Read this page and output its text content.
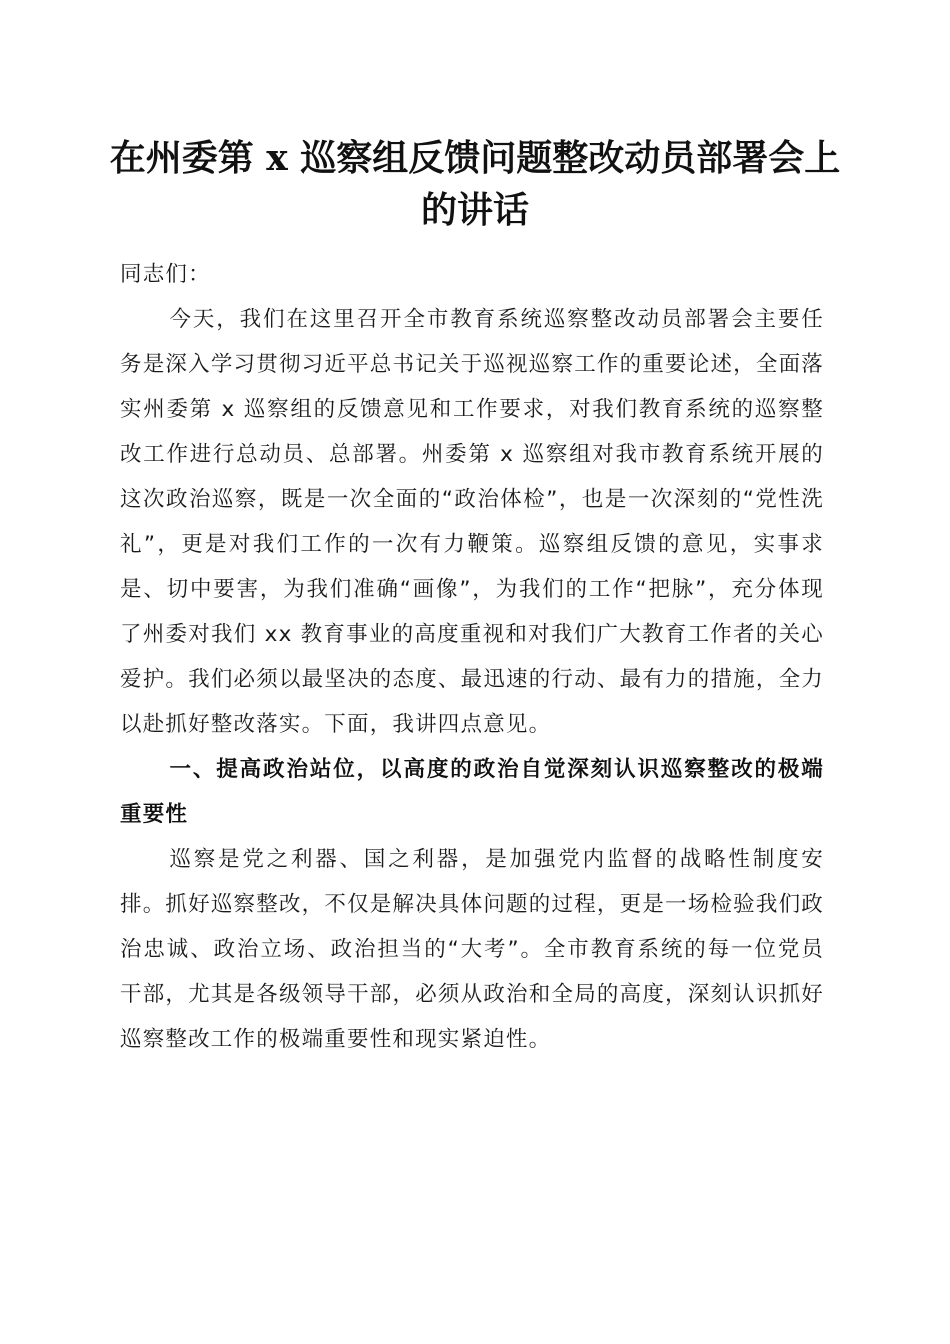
在州委第 x 巡察组反馈问题整改动员部署会上的讲话

同志们：

今天，我们在这里召开全市教育系统巡察整改动员部署会主要任务是深入学习贯彻习近平总书记关于巡视巡察工作的重要论述，全面落实州委第 x 巡察组的反馈意见和工作要求，对我们教育系统的巡察整改工作进行总动员、总部署。州委第 x 巡察组对我市教育系统开展的这次政治巡察，既是一次全面的“政治体检”，也是一次深刻的“党性洗礼”，更是对我们工作的一次有力鞭策。巡察组反馈的意见，实事求是、切中要害，为我们准确“画像”，为我们的工作“把脉”，充分体现了州委对我们 xx 教育事业的高度重视和对我们广大教育工作者的关心爱护。我们必须以最坚决的态度、最迅速的行动、最有力的措施，全力以赴抓好整改落实。下面，我讲四点意见。

一、提高政治站位，以高度的政治自觉深刻认识巡察整改的极端重要性

巡察是党之利器、国之利器，是加强党内监督的战略性制度安排。抓好巡察整改，不仅是解决具体问题的过程，更是一场检验我们政治忠诚、政治立场、政治担当的“大考”。全市教育系统的每一位党员干部，尤其是各级领导干部，必须从政治和全局的高度，深刻认识抓好巡察整改工作的极端重要性和现实紧迫性。
